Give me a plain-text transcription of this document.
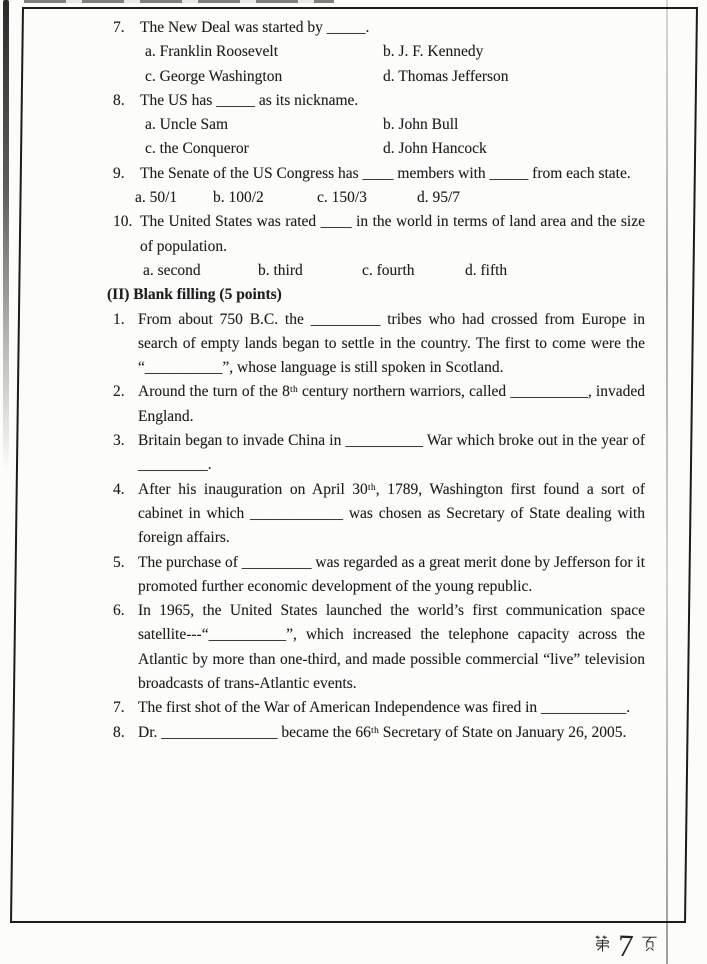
7. The New Deal was started by _____.
a. Franklin Roosevelt	b. J. F. Kennedy
c. George Washington	d. Thomas Jefferson
8. The US has _____ as its nickname.
a. Uncle Sam	b. John Bull
c. the Conqueror	d. John Hancock
9. The Senate of the US Congress has ____ members with _____ from each state.
a. 50/1	b. 100/2	c. 150/3	d. 95/7
10. The United States was rated ____ in the world in terms of land area and the size of population.
a. second	b. third	c. fourth	d. fifth
(II) Blank filling (5 points)
1. From about 750 B.C. the _________ tribes who had crossed from Europe in search of empty lands began to settle in the country. The first to come were the “__________”, whose language is still spoken in Scotland.
2. Around the turn of the 8ᵗʰ century northern warriors, called __________, invaded England.
3. Britain began to invade China in __________ War which broke out in the year of _________.
4. After his inauguration on April 30ᵗʰ, 1789, Washington first found a sort of cabinet in which ____________ was chosen as Secretary of State dealing with foreign affairs.
5. The purchase of _________ was regarded as a great merit done by Jefferson for it promoted further economic development of the young republic.
6. In 1965, the United States launched the world’s first communication space satellite---“__________”, which increased the telephone capacity across the Atlantic by more than one-third, and made possible commercial “live” television broadcasts of trans-Atlantic events.
7. The first shot of the War of American Independence was fired in ___________.
8. Dr. _______________ became the 66ᵗʰ Secretary of State on January 26, 2005.
7
